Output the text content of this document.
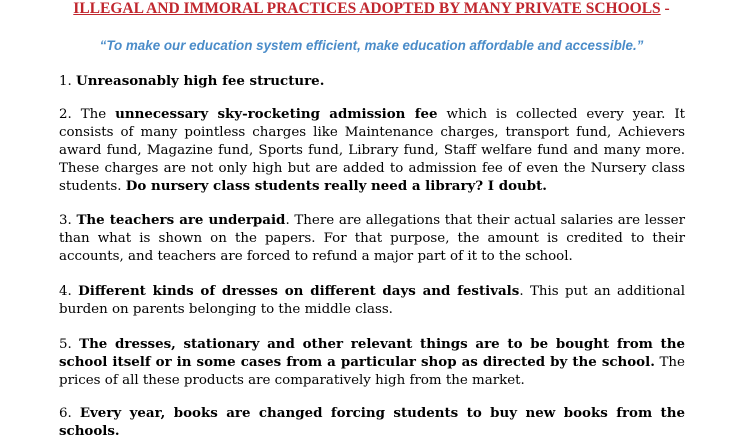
ILLEGAL AND IMMORAL PRACTICES ADOPTED BY MANY PRIVATE SCHOOLS -
“To make our education system efficient, make education affordable and accessible.”
1. Unreasonably high fee structure.
2. The unnecessary sky-rocketing admission fee which is collected every year. It consists of many pointless charges like Maintenance charges, transport fund, Achievers award fund, Magazine fund, Sports fund, Library fund, Staff welfare fund and many more. These charges are not only high but are added to admission fee of even the Nursery class students. Do nursery class students really need a library? I doubt.
3. The teachers are underpaid. There are allegations that their actual salaries are lesser than what is shown on the papers. For that purpose, the amount is credited to their accounts, and teachers are forced to refund a major part of it to the school.
4. Different kinds of dresses on different days and festivals. This put an additional burden on parents belonging to the middle class.
5. The dresses, stationary and other relevant things are to be bought from the school itself or in some cases from a particular shop as directed by the school. The prices of all these products are comparatively high from the market.
6. Every year, books are changed forcing students to buy new books from the schools.
